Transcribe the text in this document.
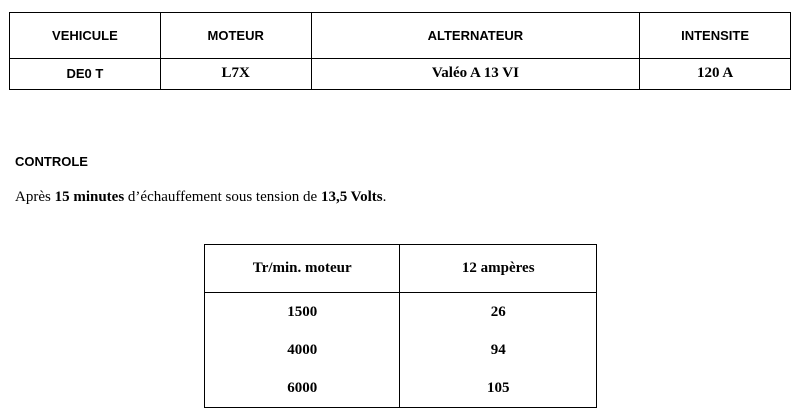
VEHICULE	MOTEUR	ALTERNATEUR	INTENSITE
DE0 T	L7X	Valéo A 13 VI	120 A
CONTROLE

Après 15 minutes d’échauffement sous tension de 13,5 Volts.

Tr/min. moteur	12 ampères
1500	26
4000	94
6000	105
